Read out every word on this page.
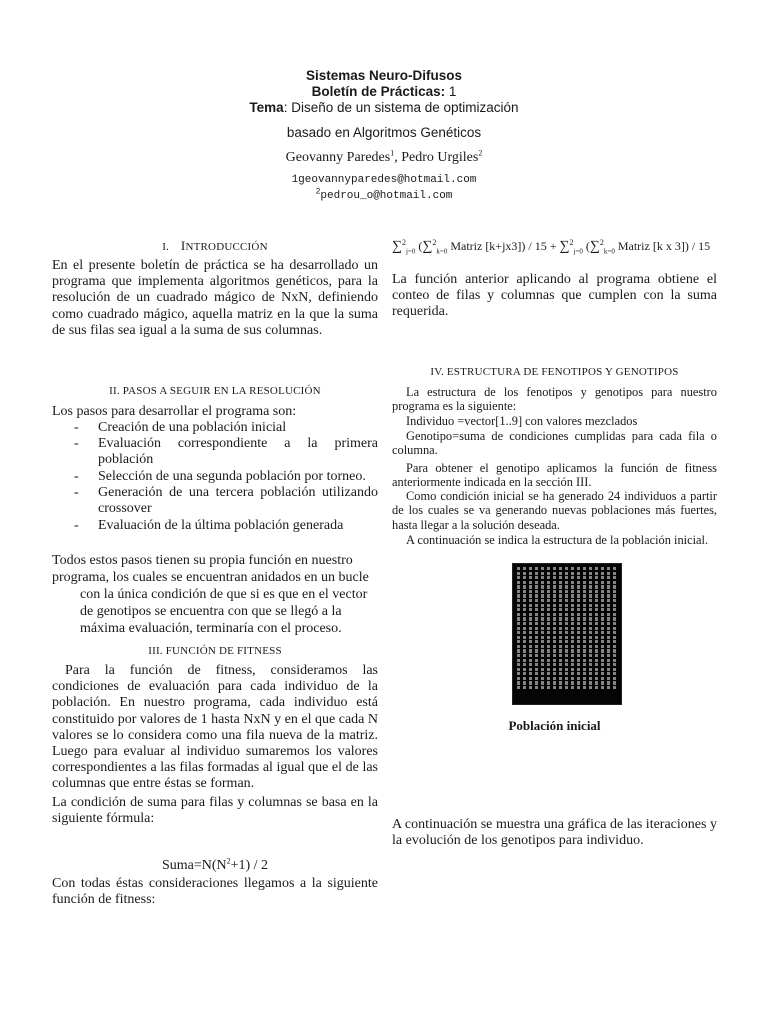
Sistemas Neuro-Difusos
Boletín de Prácticas: 1
Tema: Diseño de un sistema de optimización
basado en Algoritmos Genéticos
Geovanny Paredes$^1$, Pedro Urgiles$^2$
1geovannyparedes@hotmail.com
$^2$pedrou_o@hotmail.com
I. INTRODUCCIÓN
En el presente boletín de práctica se ha desarrollado un programa que implementa algoritmos genéticos, para la resolución de un cuadrado mágico de NxN, definiendo como cuadrado mágico, aquella matriz en la que la suma de sus filas sea igual a la suma de sus columnas.
II. PASOS A SEGUIR EN LA RESOLUCIÓN
Los pasos para desarrollar el programa son:
- Creación de una población inicial
- Evaluación correspondiente a la primera población
- Selección de una segunda población por torneo.
- Generación de una tercera población utilizando crossover
- Evaluación de la última población generada
Todos estos pasos tienen su propia función en nuestro
programa, los cuales se encuentran anidados en un bucle
con la única condición de que si es que en el vector de genotipos se encuentra con que se llegó a la máxima evaluación, terminaría con el proceso.
III. FUNCIÓN DE FITNESS
Para la función de fitness, consideramos las condiciones de evaluación para cada individuo de la población. En nuestro programa, cada individuo está constituido por valores de 1 hasta NxN y en el que cada N valores se lo considera como una fila nueva de la matriz. Luego para evaluar al individuo sumaremos los valores correspondientes a las filas formadas al igual que el de las columnas que entre éstas se forman.
La condición de suma para filas y columnas se basa en la siguiente fórmula:
$Suma=N(N^2+1) / 2$
Con todas éstas consideraciones llegamos a la siguiente función de fitness:
∑$^2_{j=0}$ (∑$^2_{k=0}$ Matriz [k+jx3]) / 15 + ∑$^2_{j=0}$ (∑$^2_{k=0}$ Matriz [k x 3]) / 15
La función anterior aplicando al programa obtiene el conteo de filas y columnas que cumplen con la suma requerida.
IV. ESTRUCTURA DE FENOTIPOS Y GENOTIPOS
La estructura de los fenotipos y genotipos para nuestro programa es la siguiente:
Individuo =vector[1..9] con valores mezclados
Genotipo=suma de condiciones cumplidas para cada fila o columna.
Para obtener el genotipo aplicamos la función de fitness anteriormente indicada en la sección III.
Como condición inicial se ha generado 24 individuos a partir de los cuales se va generando nuevas poblaciones más fuertes, hasta llegar a la solución deseada.
A continuación se indica la estructura de la población inicial.
Población inicial
A continuación se muestra una gráfica de las iteraciones y la evolución de los genotipos para individuo.
